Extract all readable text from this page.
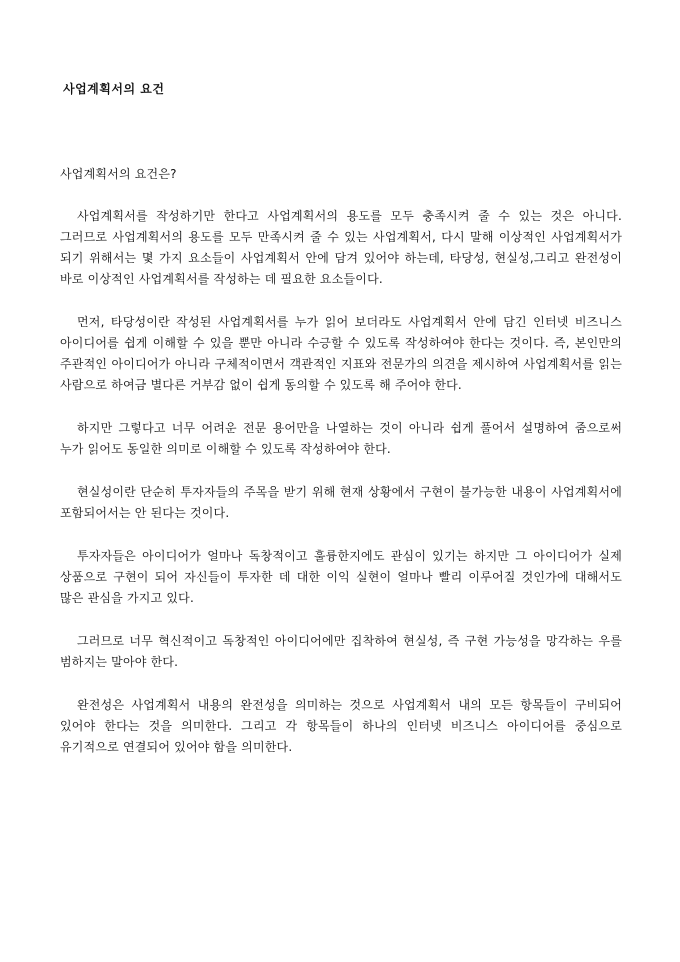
사업계획서의 요건

사업계획서의 요건은?

사업계획서를 작성하기만 한다고 사업계획서의 용도를 모두 충족시켜 줄 수 있는 것은 아니다. 그러므로 사업계획서의 용도를 모두 만족시켜 줄 수 있는 사업계획서, 다시 말해 이상적인 사업계획서가 되기 위해서는 몇 가지 요소들이 사업계획서 안에 담겨 있어야 하는데, 타당성, 현실성,그리고 완전성이 바로 이상적인 사업계획서를 작성하는 데 필요한 요소들이다.

먼저, 타당성이란 작성된 사업계획서를 누가 읽어 보더라도 사업계획서 안에 담긴 인터넷 비즈니스 아이디어를 쉽게 이해할 수 있을 뿐만 아니라 수긍할 수 있도록 작성하여야 한다는 것이다. 즉, 본인만의 주관적인 아이디어가 아니라 구체적이면서 객관적인 지표와 전문가의 의견을 제시하여 사업계획서를 읽는 사람으로 하여금 별다른 거부감 없이 쉽게 동의할 수 있도록 해 주어야 한다.

하지만 그렇다고 너무 어려운 전문 용어만을 나열하는 것이 아니라 쉽게 풀어서 설명하여 줌으로써 누가 읽어도 동일한 의미로 이해할 수 있도록 작성하여야 한다.

현실성이란 단순히 투자자들의 주목을 받기 위해 현재 상황에서 구현이 불가능한 내용이 사업계획서에 포함되어서는 안 된다는 것이다.

투자자들은 아이디어가 얼마나 독창적이고 훌륭한지에도 관심이 있기는 하지만 그 아이디어가 실제 상품으로 구현이 되어 자신들이 투자한 데 대한 이익 실현이 얼마나 빨리 이루어질 것인가에 대해서도 많은 관심을 가지고 있다.

그러므로 너무 혁신적이고 독창적인 아이디어에만 집착하여 현실성, 즉 구현 가능성을 망각하는 우를 범하지는 말아야 한다.

완전성은 사업계획서 내용의 완전성을 의미하는 것으로 사업계획서 내의 모든 항목들이 구비되어 있어야 한다는 것을 의미한다. 그리고 각 항목들이 하나의 인터넷 비즈니스 아이디어를 중심으로 유기적으로 연결되어 있어야 함을 의미한다.
